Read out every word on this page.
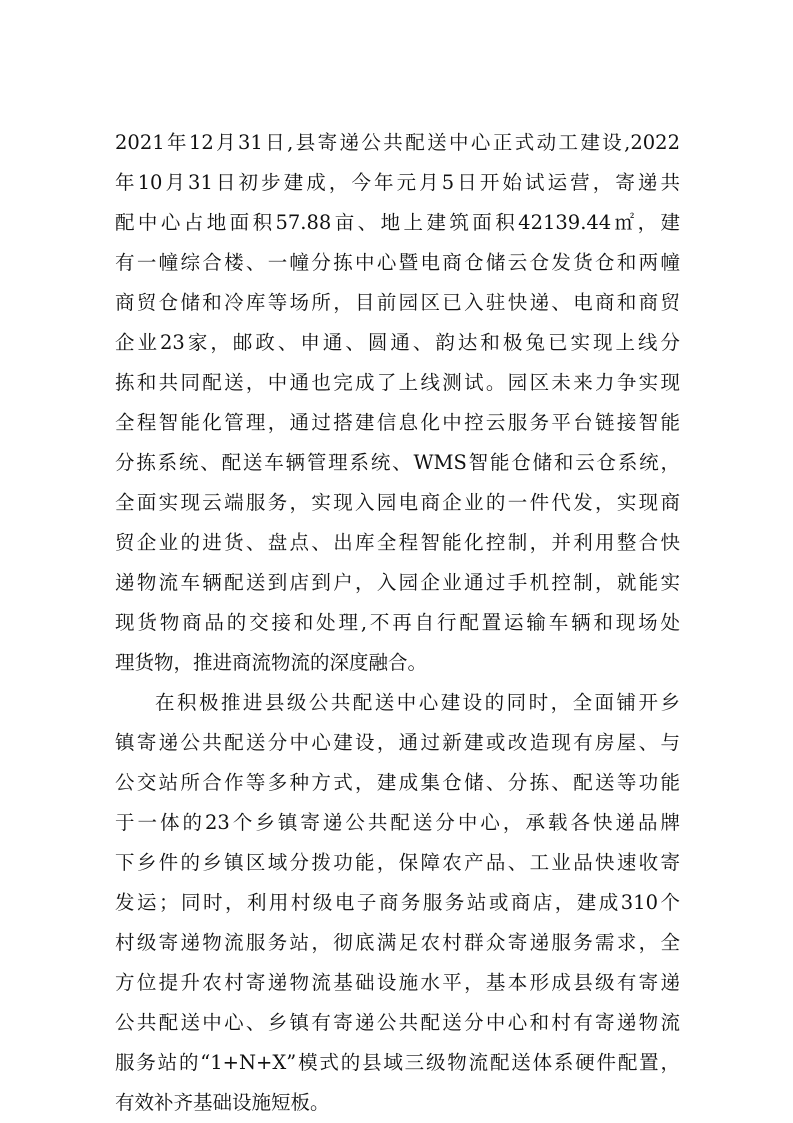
2021年12月31日,县寄递公共配送中心正式动工建设,2022
年10月31日初步建成，今年元月5日开始试运营，寄递共
配中心占地面积57.88亩、地上建筑面积42139.44㎡，建
有一幢综合楼、一幢分拣中心暨电商仓储云仓发货仓和两幢
商贸仓储和冷库等场所，目前园区已入驻快递、电商和商贸
企业23家，邮政、申通、圆通、韵达和极兔已实现上线分
拣和共同配送，中通也完成了上线测试。园区未来力争实现
全程智能化管理，通过搭建信息化中控云服务平台链接智能
分拣系统、配送车辆管理系统、WMS智能仓储和云仓系统，
全面实现云端服务，实现入园电商企业的一件代发，实现商
贸企业的进货、盘点、出库全程智能化控制，并利用整合快
递物流车辆配送到店到户，入园企业通过手机控制，就能实
现货物商品的交接和处理,不再自行配置运输车辆和现场处
理货物，推进商流物流的深度融合。
在积极推进县级公共配送中心建设的同时，全面铺开乡
镇寄递公共配送分中心建设，通过新建或改造现有房屋、与
公交站所合作等多种方式，建成集仓储、分拣、配送等功能
于一体的23个乡镇寄递公共配送分中心，承载各快递品牌
下乡件的乡镇区域分拨功能，保障农产品、工业品快速收寄
发运；同时，利用村级电子商务服务站或商店，建成310个
村级寄递物流服务站，彻底满足农村群众寄递服务需求，全
方位提升农村寄递物流基础设施水平，基本形成县级有寄递
公共配送中心、乡镇有寄递公共配送分中心和村有寄递物流
服务站的“1+N+X”模式的县域三级物流配送体系硬件配置，
有效补齐基础设施短板。
